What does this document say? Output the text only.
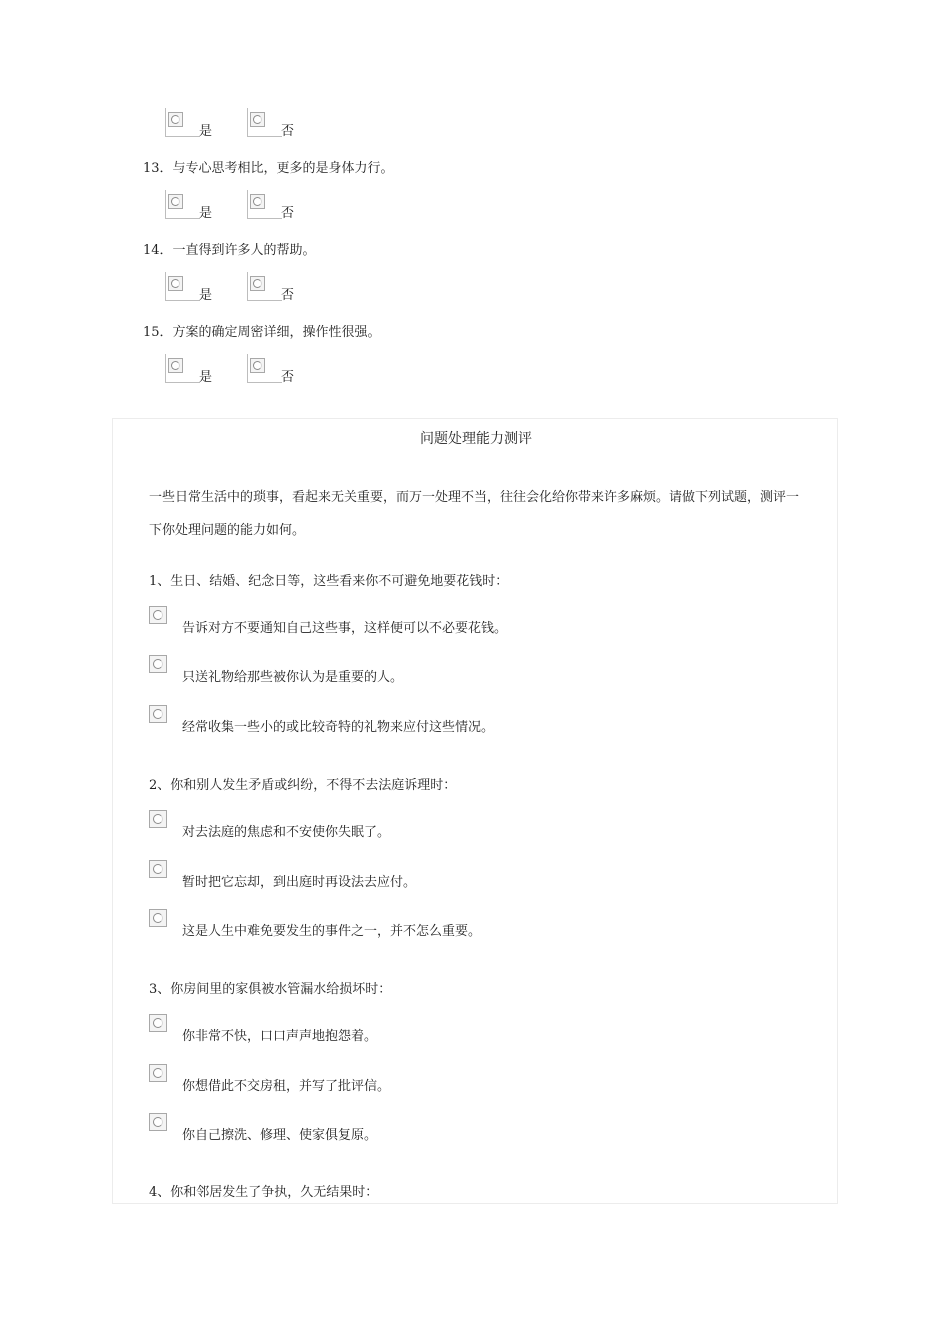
是	否
13．与专心思考相比，更多的是身体力行。
是	否
14．一直得到许多人的帮助。
是	否
15．方案的确定周密详细，操作性很强。
是	否
问题处理能力测评
一些日常生活中的琐事，看起来无关重要，而万一处理不当，往往会化给你带来许多麻烦。请做下列试题，测评一下你处理问题的能力如何。
1、生日、结婚、纪念日等，这些看来你不可避免地要花钱时：
告诉对方不要通知自己这些事，这样便可以不必要花钱。
只送礼物给那些被你认为是重要的人。
经常收集一些小的或比较奇特的礼物来应付这些情况。
2、你和别人发生矛盾或纠纷，不得不去法庭诉理时：
对去法庭的焦虑和不安使你失眠了。
暂时把它忘却，到出庭时再设法去应付。
这是人生中难免要发生的事件之一，并不怎么重要。
3、你房间里的家俱被水管漏水给损坏时：
你非常不快，口口声声地抱怨着。
你想借此不交房租，并写了批评信。
你自己擦洗、修理、使家俱复原。
4、你和邻居发生了争执，久无结果时：
